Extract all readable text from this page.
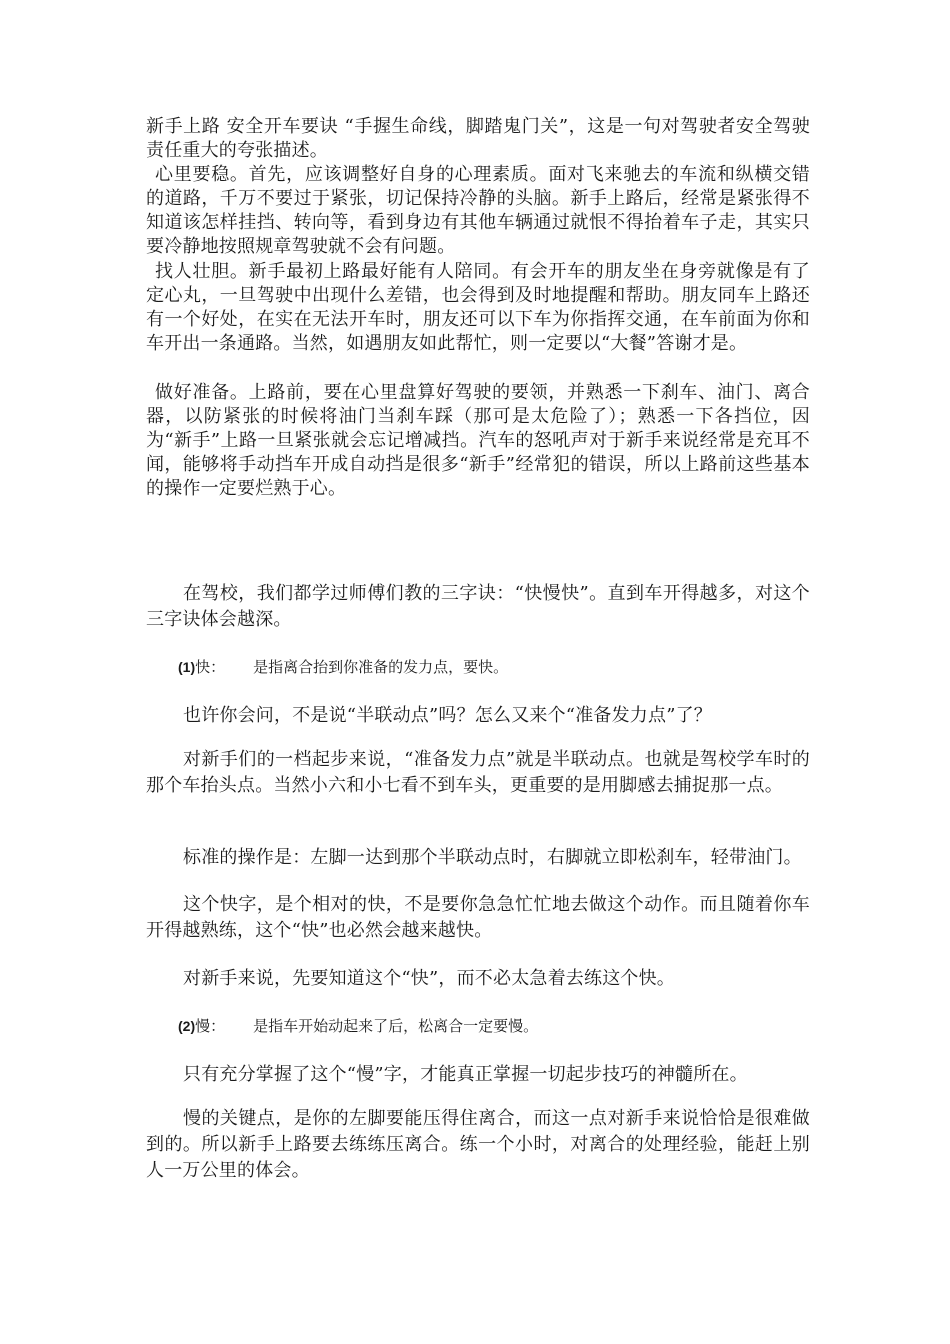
新手上路 安全开车要诀 “手握生命线，脚踏鬼门关”，这是一句对驾驶者安全驾驶责任重大的夸张描述。

心里要稳。首先，应该调整好自身的心理素质。面对飞来驰去的车流和纵横交错的道路，千万不要过于紧张，切记保持冷静的头脑。新手上路后，经常是紧张得不知道该怎样挂挡、转向等，看到身边有其他车辆通过就恨不得抬着车子走，其实只要冷静地按照规章驾驶就不会有问题。

找人壮胆。新手最初上路最好能有人陪同。有会开车的朋友坐在身旁就像是有了定心丸，一旦驾驶中出现什么差错，也会得到及时地提醒和帮助。朋友同车上路还有一个好处，在实在无法开车时，朋友还可以下车为你指挥交通，在车前面为你和车开出一条通路。当然，如遇朋友如此帮忙，则一定要以“大餐”答谢才是。

做好准备。上路前，要在心里盘算好驾驶的要领，并熟悉一下刹车、油门、离合器，以防紧张的时候将油门当刹车踩（那可是太危险了）；熟悉一下各挡位，因为“新手”上路一旦紧张就会忘记增减挡。汽车的怒吼声对于新手来说经常是充耳不闻，能够将手动挡车开成自动挡是很多“新手”经常犯的错误，所以上路前这些基本的操作一定要烂熟于心。

在驾校，我们都学过师傅们教的三字诀：“快慢快”。直到车开得越多，对这个三字诀体会越深。

(1) 快：	是指离合抬到你准备的发力点，要快。

也许你会问，不是说“半联动点”吗？怎么又来个“准备发力点”了？

对新手们的一档起步来说，“准备发力点”就是半联动点。也就是驾校学车时的那个车抬头点。当然小六和小七看不到车头，更重要的是用脚感去捕捉那一点。

标准的操作是：左脚一达到那个半联动点时，右脚就立即松刹车，轻带油门。

这个快字，是个相对的快，不是要你急急忙忙地去做这个动作。而且随着你车开得越熟练，这个“快”也必然会越来越快。

对新手来说，先要知道这个“快”，而不必太急着去练这个快。

(2) 慢：	是指车开始动起来了后，松离合一定要慢。

只有充分掌握了这个“慢”字，才能真正掌握一切起步技巧的神髓所在。

慢的关键点，是你的左脚要能压得住离合，而这一点对新手来说恰恰是很难做到的。所以新手上路要去练练压离合。练一个小时，对离合的处理经验，能赶上别人一万公里的体会。
